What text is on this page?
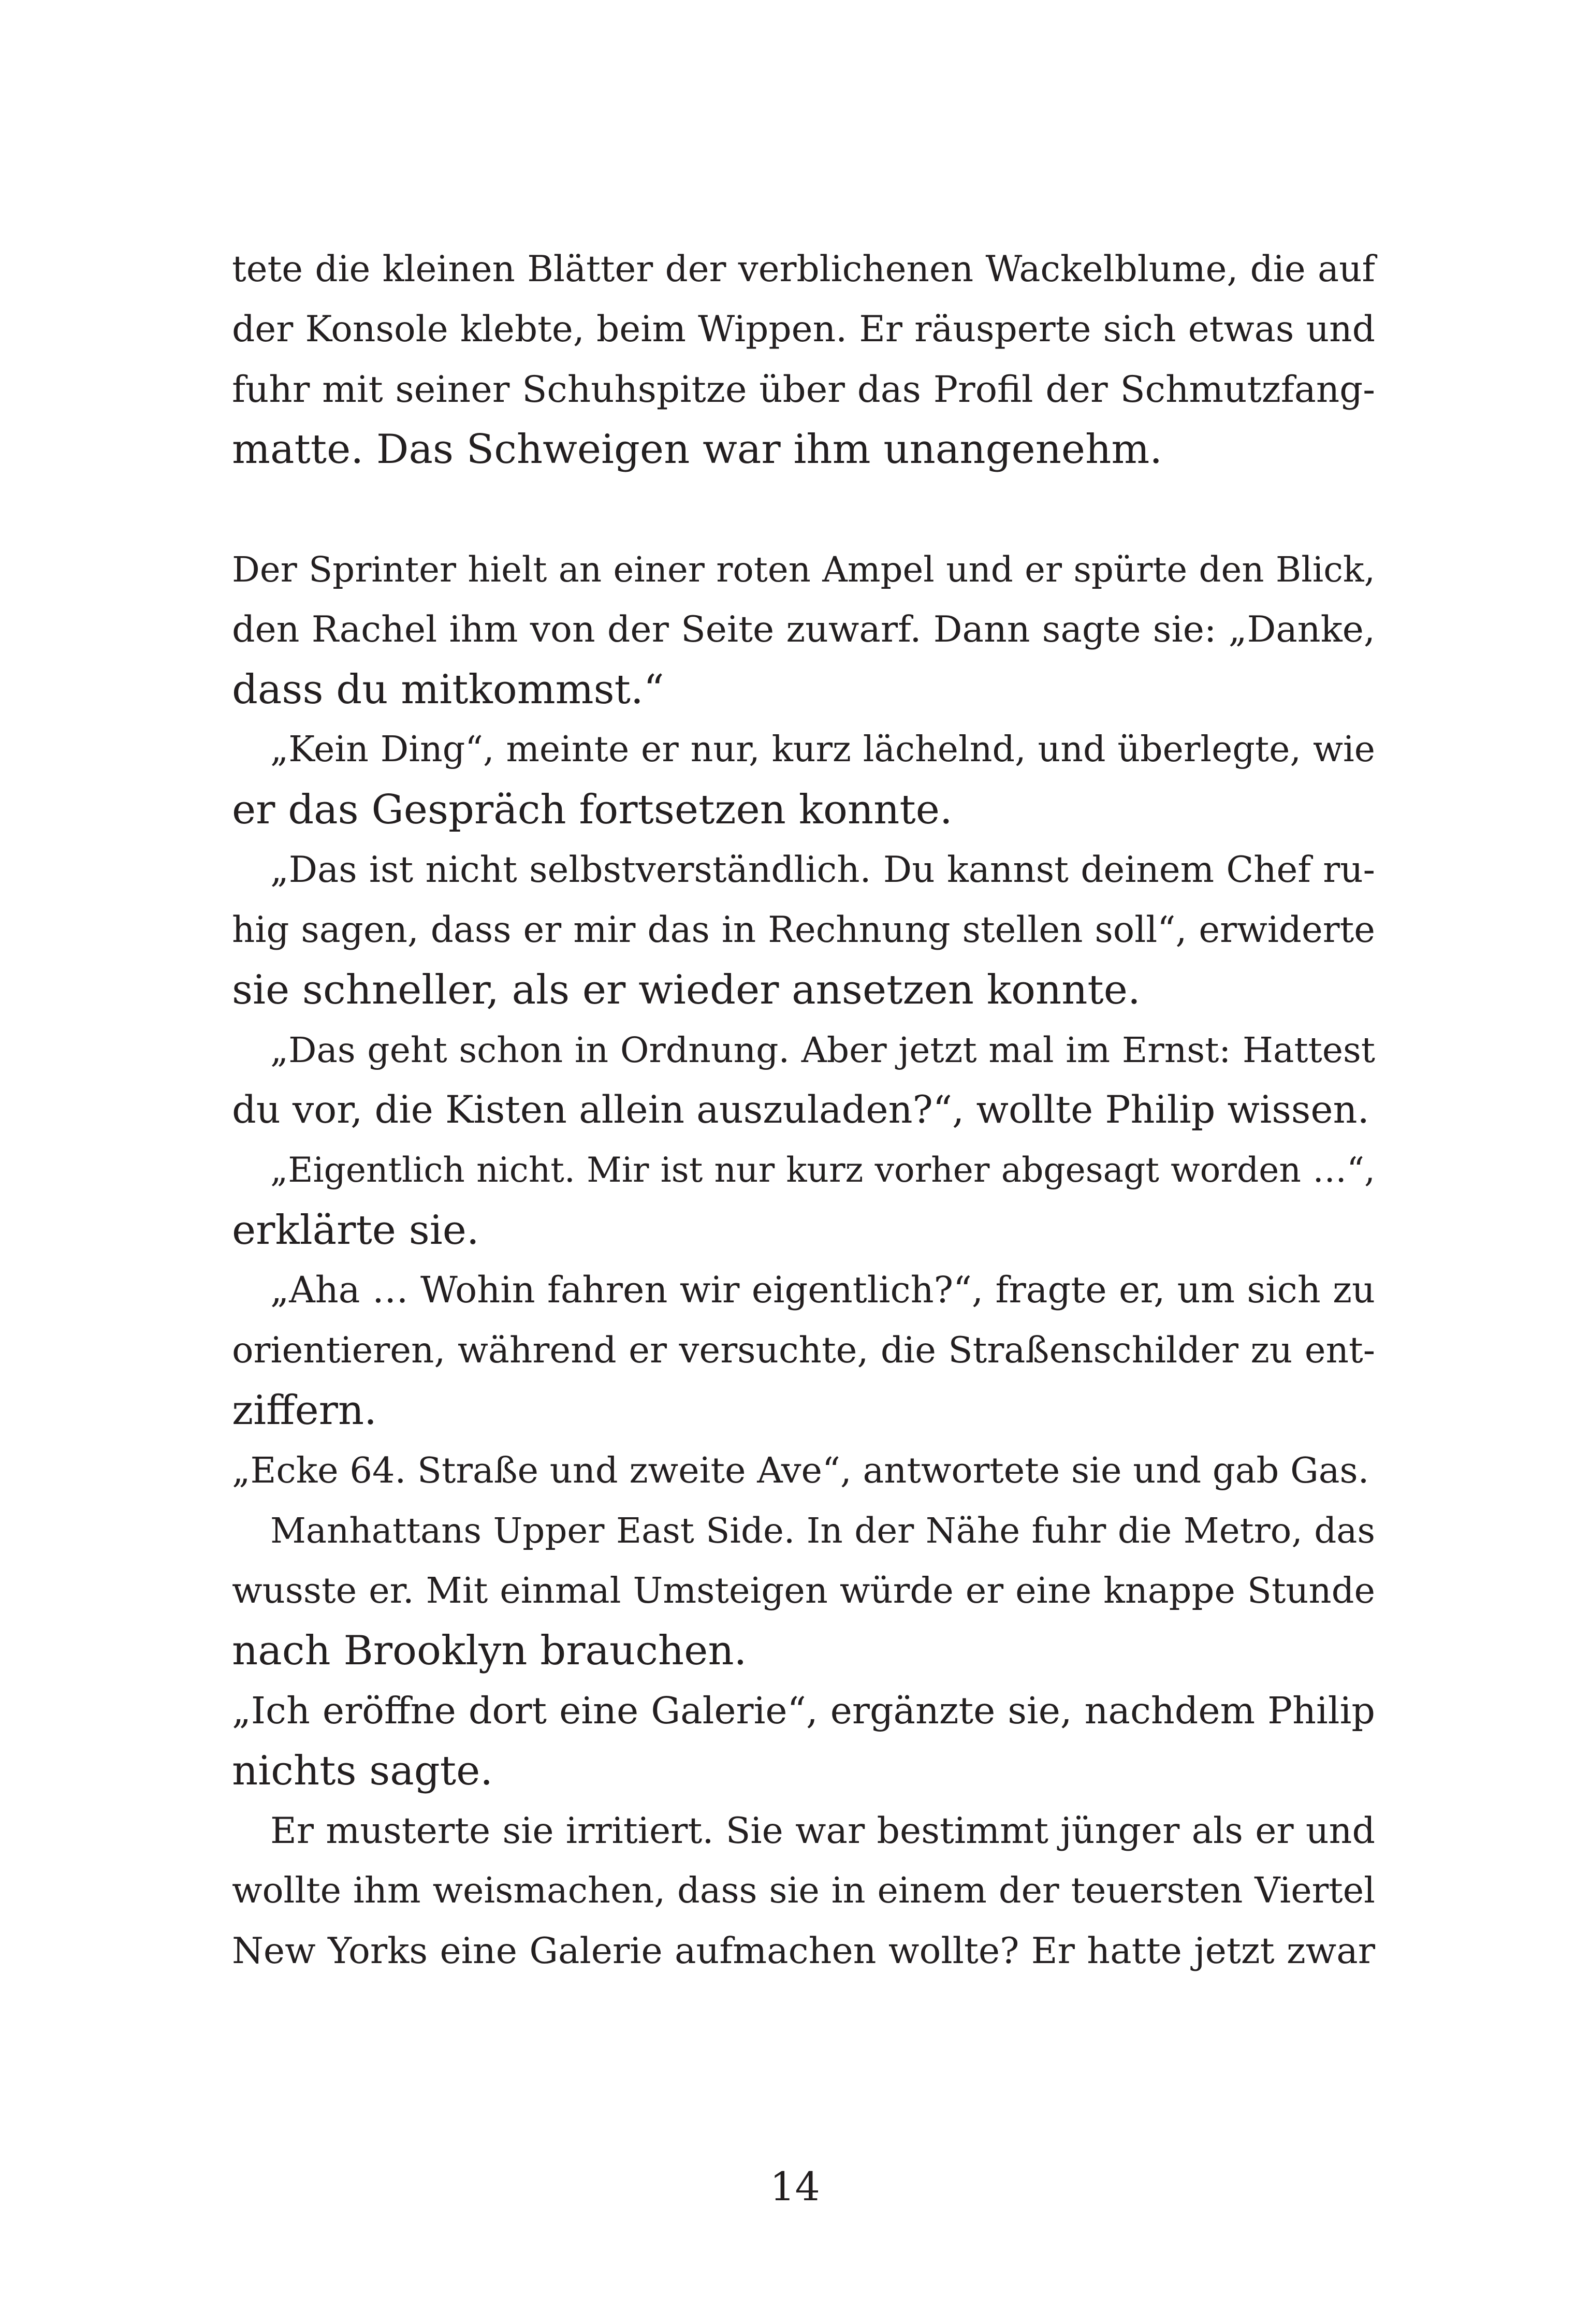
tete die kleinen Blätter der verblichenen Wackelblume, die auf
der Konsole klebte, beim Wippen. Er räusperte sich etwas und
fuhr mit seiner Schuhspitze über das Profil der Schmutzfang-
matte. Das Schweigen war ihm unangenehm.
Der Sprinter hielt an einer roten Ampel und er spürte den Blick,
den Rachel ihm von der Seite zuwarf. Dann sagte sie: „Danke,
dass du mitkommst.“
„Kein Ding“, meinte er nur, kurz lächelnd, und überlegte, wie
er das Gespräch fortsetzen konnte.
„Das ist nicht selbstverständlich. Du kannst deinem Chef ru-
hig sagen, dass er mir das in Rechnung stellen soll“, erwiderte
sie schneller, als er wieder ansetzen konnte.
„Das geht schon in Ordnung. Aber jetzt mal im Ernst: Hattest
du vor, die Kisten allein auszuladen?“, wollte Philip wissen.
„Eigentlich nicht. Mir ist nur kurz vorher abgesagt worden …“,
erklärte sie.
„Aha … Wohin fahren wir eigentlich?“, fragte er, um sich zu
orientieren, während er versuchte, die Straßenschilder zu ent-
ziffern.
„Ecke 64. Straße und zweite Ave“, antwortete sie und gab Gas.
Manhattans Upper East Side. In der Nähe fuhr die Metro, das
wusste er. Mit einmal Umsteigen würde er eine knappe Stunde
nach Brooklyn brauchen.
„Ich eröffne dort eine Galerie“, ergänzte sie, nachdem Philip
nichts sagte.
Er musterte sie irritiert. Sie war bestimmt jünger als er und
wollte ihm weismachen, dass sie in einem der teuersten Viertel
New Yorks eine Galerie aufmachen wollte? Er hatte jetzt zwar
14
